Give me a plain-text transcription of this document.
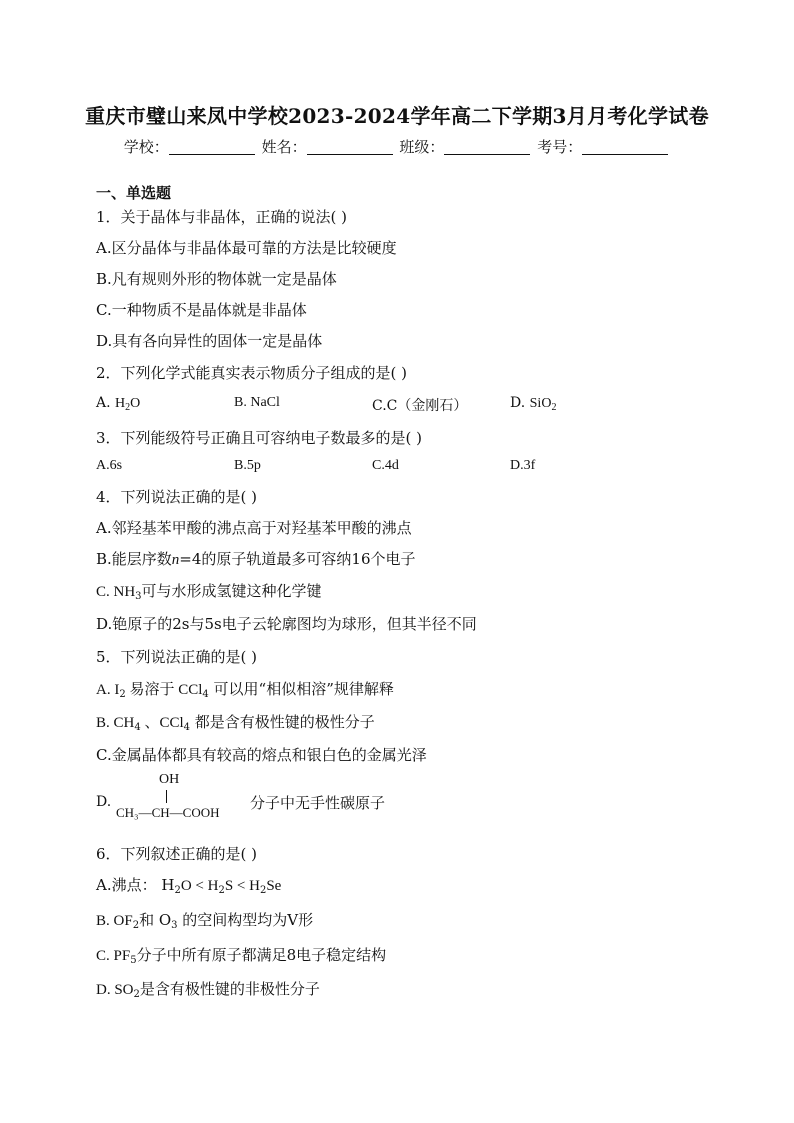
重庆市璧山来凤中学校2023-2024学年高二下学期3月月考化学试卷
学校：	姓名：	班级：	考号：
一、单选题
1．关于晶体与非晶体，正确的说法( )
A.区分晶体与非晶体最可靠的方法是比较硬度
B.凡有规则外形的物体就一定是晶体
C.一种物质不是晶体就是非晶体
D.具有各向异性的固体一定是晶体
2．下列化学式能真实表示物质分子组成的是( )
A. $H_2O$	B. NaCl	C.C（金刚石）	D. SiO$_2$
3．下列能级符号正确且可容纳电子数最多的是( )
A.6s	B.5p	C.4d	D.3f
4．下列说法正确的是( )
A.邻羟基苯甲酸的沸点高于对羟基苯甲酸的沸点
B.能层序数n=4的原子轨道最多可容纳16个电子
C. $NH_3$可与水形成氢键这种化学键
D.铯原子的2s与5s电子云轮廓图均为球形，但其半径不同
5．下列说法正确的是( )
A. $I_2$ 易溶于 CCl$_4$ 可以用“相似相溶”规律解释
B. $CH_4$ 、CCl$_4$ 都是含有极性键的极性分子
C.金属晶体都具有较高的熔点和银白色的金属光泽
D.
OH
CH₃—CH—COOH
分子中无手性碳原子
6．下列叙述正确的是( )
A.沸点： $H_2O < H_2S < H_2Se$
B. $OF_2$和 $O_3$ 的空间构型均为V形
C. $PF_5$分子中所有原子都满足8电子稳定结构
D. $SO_2$是含有极性键的非极性分子
